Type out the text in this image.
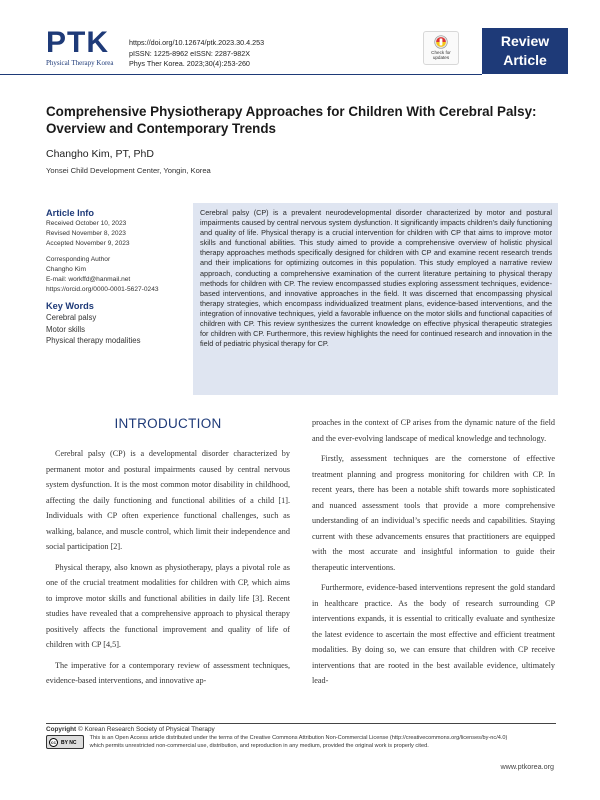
PTK
Physical Therapy Korea
https://doi.org/10.12674/ptk.2023.30.4.253
pISSN: 1225-8962 eISSN: 2287-982X
Phys Ther Korea. 2023;30(4):253-260
Check for
updates
Review
Article
Comprehensive Physiotherapy Approaches for Children With Cerebral Palsy: Overview and Contemporary Trends
Changho Kim, PT, PhD
Yonsei Child Development Center, Yongin, Korea
Article Info
Received October 10, 2023
Revised November 8, 2023
Accepted November 9, 2023
Corresponding Author
Changho Kim
E-mail: workffd@hanmail.net
https://orcid.org/0000-0001-5627-0243
Key Words
Cerebral palsy
Motor skills
Physical therapy modalities
Cerebral palsy (CP) is a prevalent neurodevelopmental disorder characterized by motor and postural impairments caused by central nervous system dysfunction. It significantly impacts children’s daily functioning and quality of life. Physical therapy is a crucial intervention for children with CP that aims to improve motor skills and functional abilities. This study aimed to provide a comprehensive overview of holistic physical therapy approaches methods specifically designed for children with CP and examine recent research trends and their implications for optimizing outcomes in this population. This study employed a narrative review approach, conducting a comprehensive examination of the current literature pertaining to physical therapy methods for children with CP. The review encompassed studies exploring assessment techniques, evidence-based interventions, and innovative approaches in the field. It was discerned that encompassing physical therapy strategies, which encompass individualized treatment plans, evidence-based interventions, and the integration of innovative techniques, yield a favorable influence on the motor skills and functional capacities of children with CP. This review synthesizes the current knowledge on effective physical therapeutic strategies for children with CP. Furthermore, this review highlights the need for continued research and innovation in the field of pediatric physical therapy for CP.
INTRODUCTION

Cerebral palsy (CP) is a developmental disorder characterized by permanent motor and postural impairments caused by central nervous system dysfunction. It is the most common motor disability in childhood, affecting the daily functioning and functional abilities of a child [1]. Individuals with CP often experience functional challenges, such as walking, balance, and muscle control, which limit their independence and social participation [2].

Physical therapy, also known as physiotherapy, plays a pivotal role as one of the crucial treatment modalities for children with CP, which aims to improve motor skills and functional abilities in daily life [3]. Recent studies have revealed that a comprehensive approach to physical therapy positively affects the functional improvement and quality of life of children with CP [4,5].

The imperative for a contemporary review of assessment techniques, evidence-based interventions, and innovative ap-

proaches in the context of CP arises from the dynamic nature of the field and the ever-evolving landscape of medical knowledge and technology.

Firstly, assessment techniques are the cornerstone of effective treatment planning and progress monitoring for children with CP. In recent years, there has been a notable shift towards more sophisticated and nuanced assessment tools that provide a more comprehensive understanding of an individual’s specific needs and capabilities. Staying current with these advancements ensures that practitioners are equipped with the most accurate and insightful information to guide their therapeutic interventions.

Furthermore, evidence-based interventions represent the gold standard in healthcare practice. As the body of research surrounding CP interventions expands, it is essential to critically evaluate and synthesize the latest evidence to ascertain the most effective and efficient treatment modalities. By doing so, we can ensure that children with CP receive interventions that are rooted in the best available evidence, ultimately lead-

Copyright © Korean Research Society of Physical Therapy
cc	BY NC
This is an Open Access article distributed under the terms of the Creative Commons Attribution Non-Commercial License (http://creativecommons.org/licenses/by-nc/4.0)
which permits unrestricted non-commercial use, distribution, and reproduction in any medium, provided the original work is properly cited.
www.ptkorea.org
